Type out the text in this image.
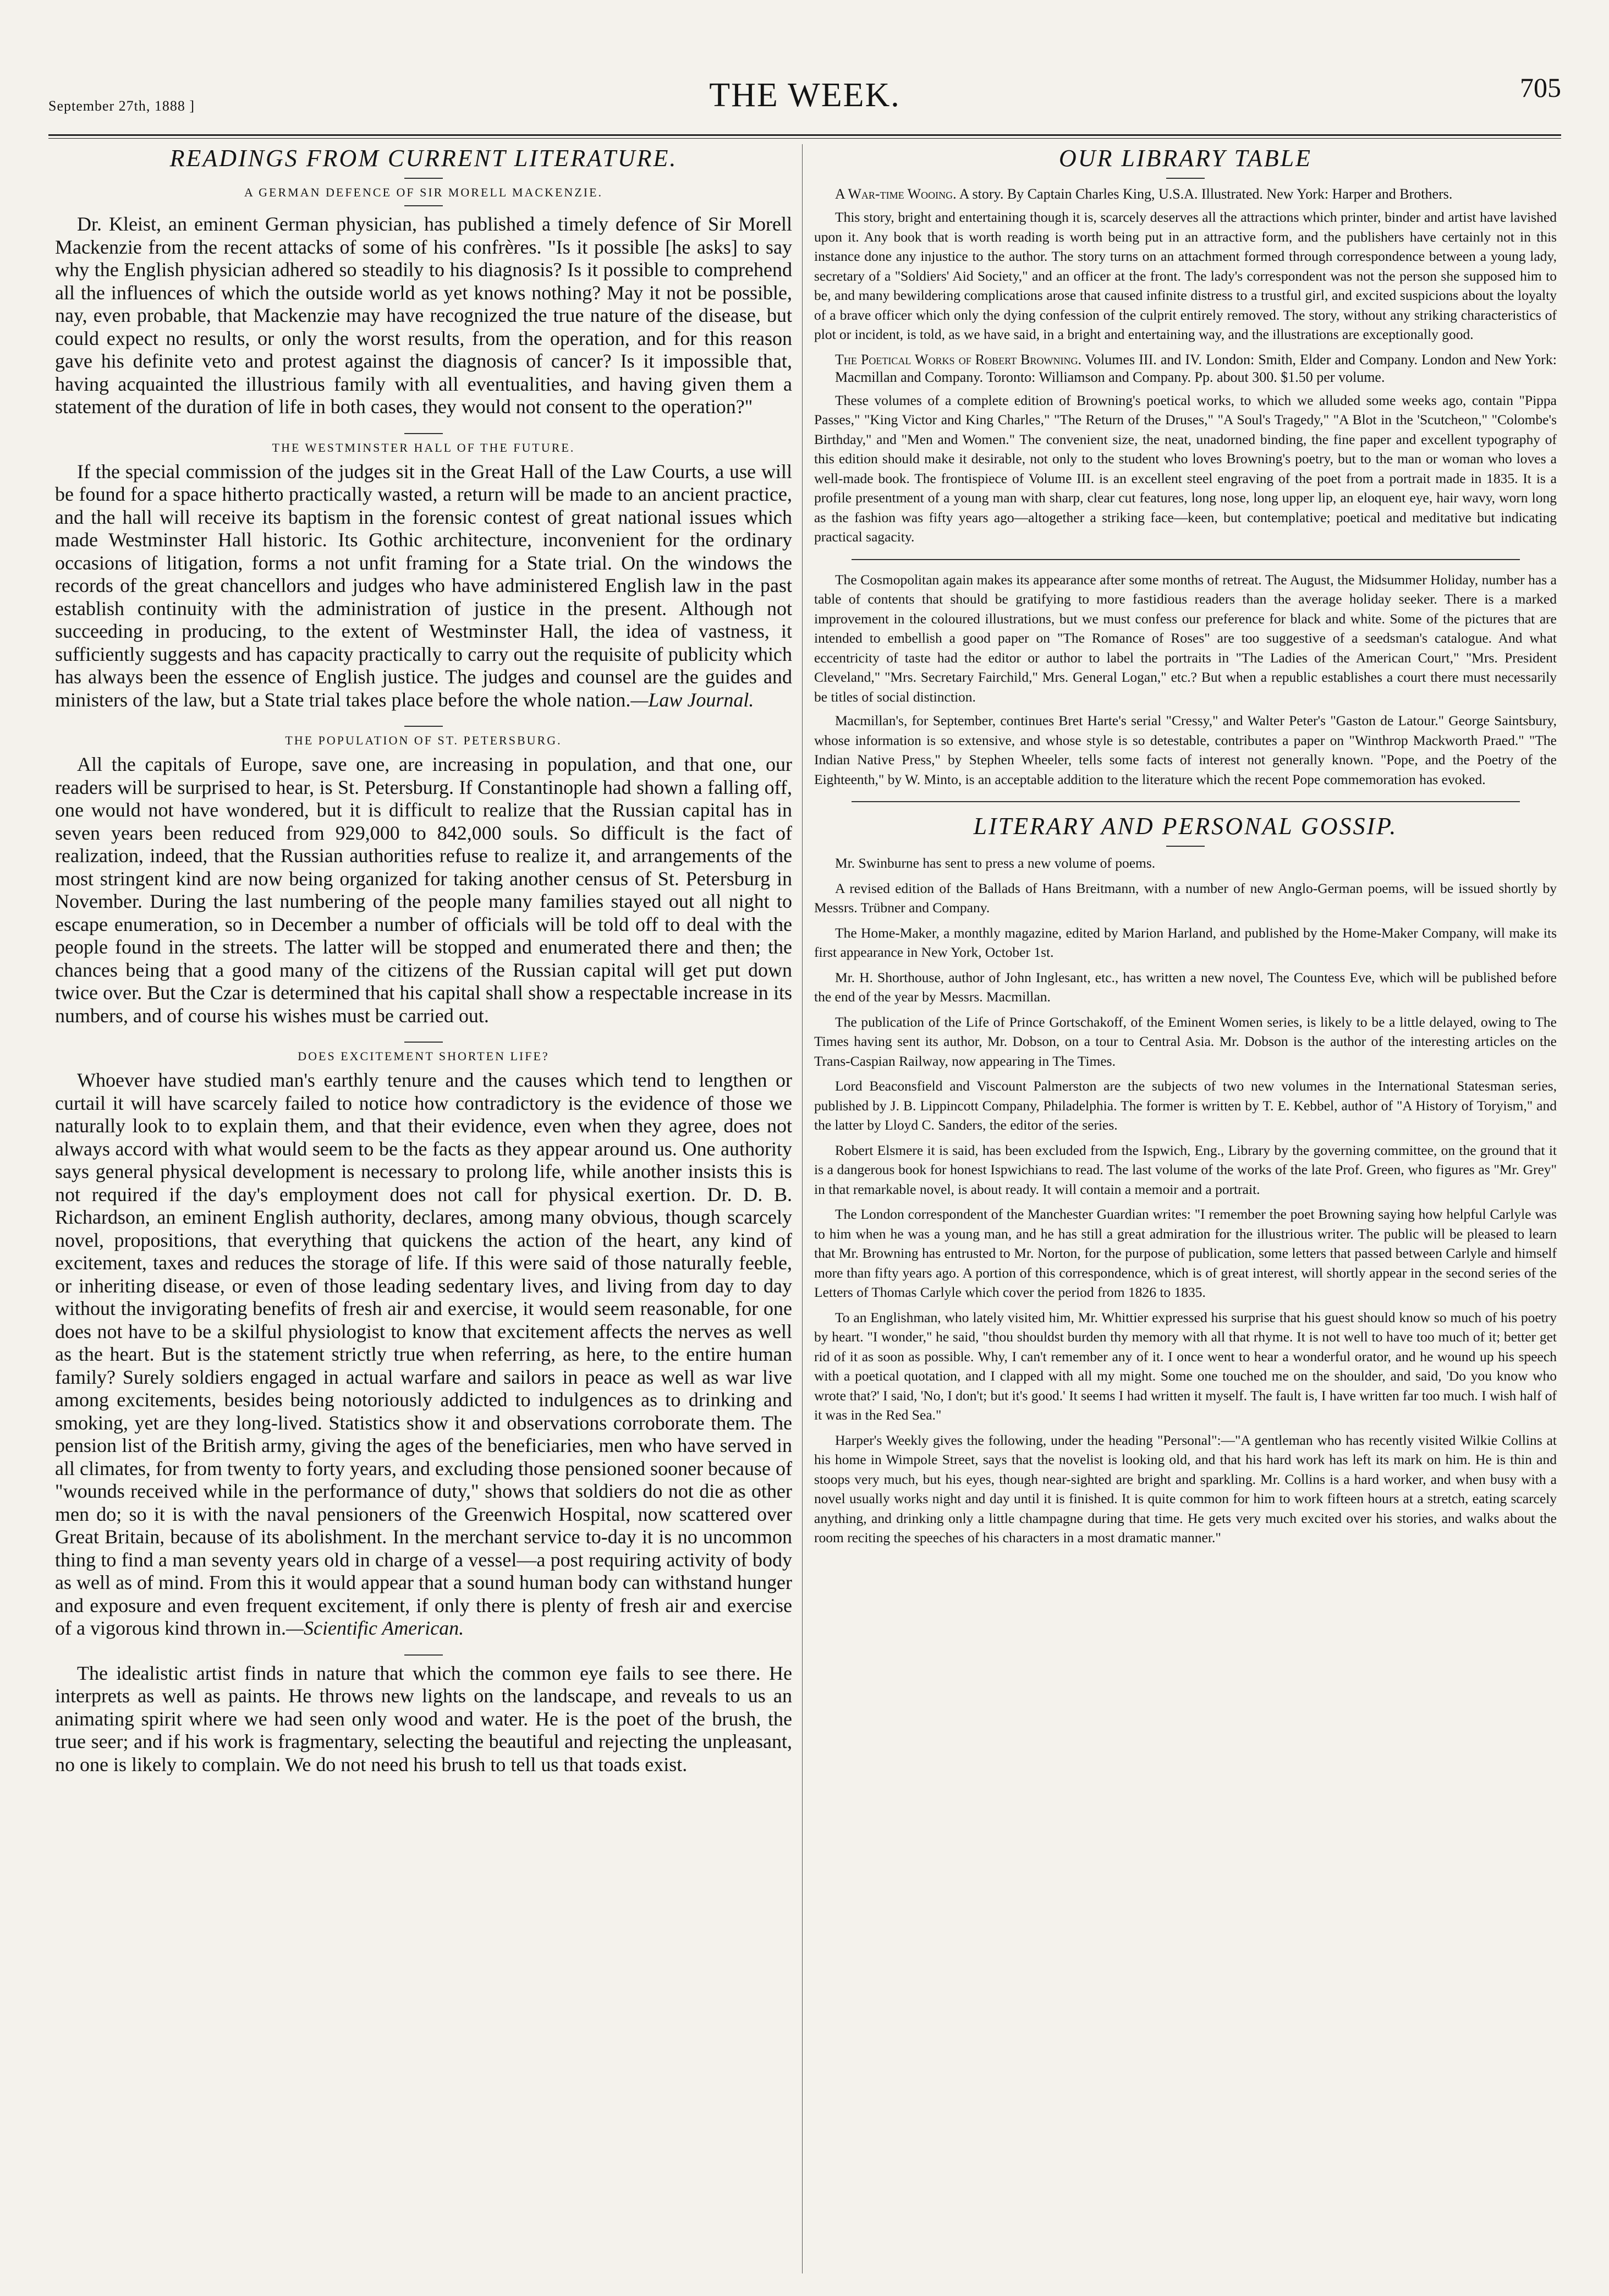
September 27th, 1888 ]	THE WEEK.	705
READINGS FROM CURRENT LITERATURE.
A GERMAN DEFENCE OF SIR MORELL MACKENZIE.

Dr. Kleist, an eminent German physician, has published a timely defence of Sir Morell Mackenzie from the recent attacks of some of his confrères. "Is it possible [he asks] to say why the English physician adhered so steadily to his diagnosis? Is it possible to comprehend all the influences of which the outside world as yet knows nothing? May it not be possible, nay, even probable, that Mackenzie may have recognized the true nature of the disease, but could expect no results, or only the worst results, from the operation, and for this reason gave his definite veto and protest against the diagnosis of cancer? Is it impossible that, having acquainted the illustrious family with all eventualities, and having given them a statement of the duration of life in both cases, they would not consent to the operation?"

THE WESTMINSTER HALL OF THE FUTURE.

If the special commission of the judges sit in the Great Hall of the Law Courts, a use will be found for a space hitherto practically wasted, a return will be made to an ancient practice, and the hall will receive its baptism in the forensic contest of great national issues which made Westminster Hall historic. Its Gothic architecture, inconvenient for the ordinary occasions of litigation, forms a not unfit framing for a State trial. On the windows the records of the great chancellors and judges who have administered English law in the past establish continuity with the administration of justice in the present. Although not succeeding in producing, to the extent of Westminster Hall, the idea of vastness, it sufficiently suggests and has capacity practically to carry out the requisite of publicity which has always been the essence of English justice. The judges and counsel are the guides and ministers of the law, but a State trial takes place before the whole nation.—Law Journal.

THE POPULATION OF ST. PETERSBURG.

All the capitals of Europe, save one, are increasing in population, and that one, our readers will be surprised to hear, is St. Petersburg. If Constantinople had shown a falling off, one would not have wondered, but it is difficult to realize that the Russian capital has in seven years been reduced from 929,000 to 842,000 souls. So difficult is the fact of realization, indeed, that the Russian authorities refuse to realize it, and arrangements of the most stringent kind are now being organized for taking another census of St. Petersburg in November. During the last numbering of the people many families stayed out all night to escape enumeration, so in December a number of officials will be told off to deal with the people found in the streets. The latter will be stopped and enumerated there and then; the chances being that a good many of the citizens of the Russian capital will get put down twice over. But the Czar is determined that his capital shall show a respectable increase in its numbers, and of course his wishes must be carried out.

DOES EXCITEMENT SHORTEN LIFE?

Whoever have studied man's earthly tenure and the causes which tend to lengthen or curtail it will have scarcely failed to notice how contradictory is the evidence of those we naturally look to to explain them, and that their evidence, even when they agree, does not always accord with what would seem to be the facts as they appear around us. One authority says general physical development is necessary to prolong life, while another insists this is not required if the day's employment does not call for physical exertion. Dr. D. B. Richardson, an eminent English authority, declares, among many obvious, though scarcely novel, propositions, that everything that quickens the action of the heart, any kind of excitement, taxes and reduces the storage of life. If this were said of those naturally feeble, or inheriting disease, or even of those leading sedentary lives, and living from day to day without the invigorating benefits of fresh air and exercise, it would seem reasonable, for one does not have to be a skilful physiologist to know that excitement affects the nerves as well as the heart. But is the statement strictly true when referring, as here, to the entire human family? Surely soldiers engaged in actual warfare and sailors in peace as well as war live among excitements, besides being notoriously addicted to indulgences as to drinking and smoking, yet are they long-lived. Statistics show it and observations corroborate them. The pension list of the British army, giving the ages of the beneficiaries, men who have served in all climates, for from twenty to forty years, and excluding those pensioned sooner because of "wounds received while in the performance of duty," shows that soldiers do not die as other men do; so it is with the naval pensioners of the Greenwich Hospital, now scattered over Great Britain, because of its abolishment. In the merchant service to-day it is no uncommon thing to find a man seventy years old in charge of a vessel—a post requiring activity of body as well as of mind. From this it would appear that a sound human body can withstand hunger and exposure and even frequent excitement, if only there is plenty of fresh air and exercise of a vigorous kind thrown in.—Scientific American.

The idealistic artist finds in nature that which the common eye fails to see there. He interprets as well as paints. He throws new lights on the landscape, and reveals to us an animating spirit where we had seen only wood and water. He is the poet of the brush, the true seer; and if his work is fragmentary, selecting the beautiful and rejecting the unpleasant, no one is likely to complain. We do not need his brush to tell us that toads exist.

OUR LIBRARY TABLE

A War-time Wooing. A story. By Captain Charles King, U.S.A. Illustrated. New York: Harper and Brothers.

This story, bright and entertaining though it is, scarcely deserves all the attractions which printer, binder and artist have lavished upon it. Any book that is worth reading is worth being put in an attractive form, and the publishers have certainly not in this instance done any injustice to the author. The story turns on an attachment formed through correspondence between a young lady, secretary of a "Soldiers' Aid Society," and an officer at the front. The lady's correspondent was not the person she supposed him to be, and many bewildering complications arose that caused infinite distress to a trustful girl, and excited suspicions about the loyalty of a brave officer which only the dying confession of the culprit entirely removed. The story, without any striking characteristics of plot or incident, is told, as we have said, in a bright and entertaining way, and the illustrations are exceptionally good.

The Poetical Works of Robert Browning. Volumes III. and IV. London: Smith, Elder and Company. London and New York: Macmillan and Company. Toronto: Williamson and Company. Pp. about 300. $1.50 per volume.

These volumes of a complete edition of Browning's poetical works, to which we alluded some weeks ago, contain "Pippa Passes," "King Victor and King Charles," "The Return of the Druses," "A Soul's Tragedy," "A Blot in the 'Scutcheon," "Colombe's Birthday," and "Men and Women." The convenient size, the neat, unadorned binding, the fine paper and excellent typography of this edition should make it desirable, not only to the student who loves Browning's poetry, but to the man or woman who loves a well-made book. The frontispiece of Volume III. is an excellent steel engraving of the poet from a portrait made in 1835. It is a profile presentment of a young man with sharp, clear cut features, long nose, long upper lip, an eloquent eye, hair wavy, worn long as the fashion was fifty years ago—altogether a striking face—keen, but contemplative; poetical and meditative but indicating practical sagacity.

The Cosmopolitan again makes its appearance after some months of retreat. The August, the Midsummer Holiday, number has a table of contents that should be gratifying to more fastidious readers than the average holiday seeker. There is a marked improvement in the coloured illustrations, but we must confess our preference for black and white. Some of the pictures that are intended to embellish a good paper on "The Romance of Roses" are too suggestive of a seedsman's catalogue. And what eccentricity of taste had the editor or author to label the portraits in "The Ladies of the American Court," "Mrs. President Cleveland," "Mrs. Secretary Fairchild," Mrs. General Logan," etc.? But when a republic establishes a court there must necessarily be titles of social distinction.

Macmillan's, for September, continues Bret Harte's serial "Cressy," and Walter Peter's "Gaston de Latour." George Saintsbury, whose information is so extensive, and whose style is so detestable, contributes a paper on "Winthrop Mackworth Praed." "The Indian Native Press," by Stephen Wheeler, tells some facts of interest not generally known. "Pope, and the Poetry of the Eighteenth," by W. Minto, is an acceptable addition to the literature which the recent Pope commemoration has evoked.

LITERARY AND PERSONAL GOSSIP.

Mr. Swinburne has sent to press a new volume of poems.

A revised edition of the Ballads of Hans Breitmann, with a number of new Anglo-German poems, will be issued shortly by Messrs. Trübner and Company.

The Home-Maker, a monthly magazine, edited by Marion Harland, and published by the Home-Maker Company, will make its first appearance in New York, October 1st.

Mr. H. Shorthouse, author of John Inglesant, etc., has written a new novel, The Countess Eve, which will be published before the end of the year by Messrs. Macmillan.

The publication of the Life of Prince Gortschakoff, of the Eminent Women series, is likely to be a little delayed, owing to The Times having sent its author, Mr. Dobson, on a tour to Central Asia. Mr. Dobson is the author of the interesting articles on the Trans-Caspian Railway, now appearing in The Times.

Lord Beaconsfield and Viscount Palmerston are the subjects of two new volumes in the International Statesman series, published by J. B. Lippincott Company, Philadelphia. The former is written by T. E. Kebbel, author of "A History of Toryism," and the latter by Lloyd C. Sanders, the editor of the series.

Robert Elsmere it is said, has been excluded from the Ispwich, Eng., Library by the governing committee, on the ground that it is a dangerous book for honest Ispwichians to read. The last volume of the works of the late Prof. Green, who figures as "Mr. Grey" in that remarkable novel, is about ready. It will contain a memoir and a portrait.

The London correspondent of the Manchester Guardian writes: "I remember the poet Browning saying how helpful Carlyle was to him when he was a young man, and he has still a great admiration for the illustrious writer. The public will be pleased to learn that Mr. Browning has entrusted to Mr. Norton, for the purpose of publication, some letters that passed between Carlyle and himself more than fifty years ago. A portion of this correspondence, which is of great interest, will shortly appear in the second series of the Letters of Thomas Carlyle which cover the period from 1826 to 1835.

To an Englishman, who lately visited him, Mr. Whittier expressed his surprise that his guest should know so much of his poetry by heart. "I wonder," he said, "thou shouldst burden thy memory with all that rhyme. It is not well to have too much of it; better get rid of it as soon as possible. Why, I can't remember any of it. I once went to hear a wonderful orator, and he wound up his speech with a poetical quotation, and I clapped with all my might. Some one touched me on the shoulder, and said, 'Do you know who wrote that?' I said, 'No, I don't; but it's good.' It seems I had written it myself. The fault is, I have written far too much. I wish half of it was in the Red Sea."

Harper's Weekly gives the following, under the heading "Personal":—"A gentleman who has recently visited Wilkie Collins at his home in Wimpole Street, says that the novelist is looking old, and that his hard work has left its mark on him. He is thin and stoops very much, but his eyes, though near-sighted are bright and sparkling. Mr. Collins is a hard worker, and when busy with a novel usually works night and day until it is finished. It is quite common for him to work fifteen hours at a stretch, eating scarcely anything, and drinking only a little champagne during that time. He gets very much excited over his stories, and walks about the room reciting the speeches of his characters in a most dramatic manner."
